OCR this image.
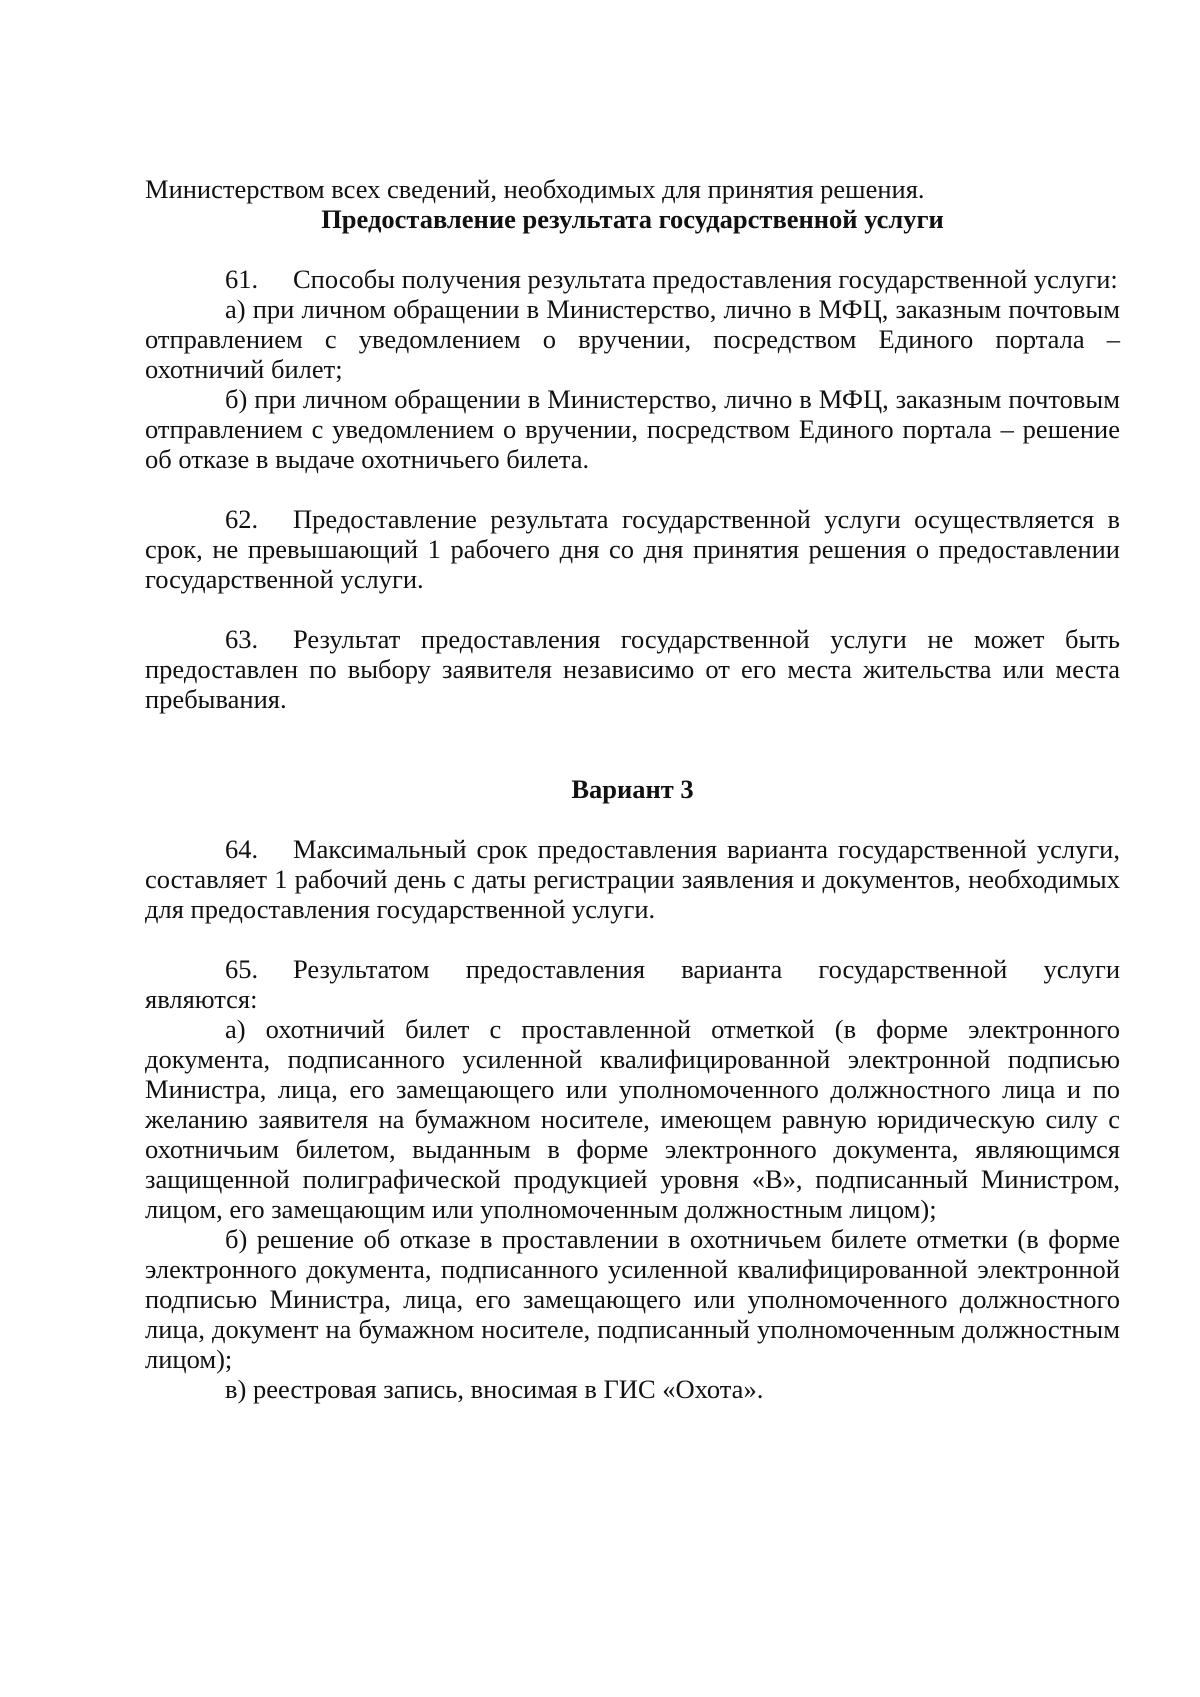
Министерством всех сведений, необходимых для принятия решения.

Предоставление результата государственной услуги

61. Способы получения результата предоставления государственной услуги:

а) при личном обращении в Министерство, лично в МФЦ, заказным почтовым отправлением с уведомлением о вручении, посредством Единого портала – охотничий билет;

б) при личном обращении в Министерство, лично в МФЦ, заказным почтовым отправлением с уведомлением о вручении, посредством Единого портала – решение об отказе в выдаче охотничьего билета.

62. Предоставление результата государственной услуги осуществляется в срок, не превышающий 1 рабочего дня со дня принятия решения о предоставлении государственной услуги.

63. Результат предоставления государственной услуги не может быть предоставлен по выбору заявителя независимо от его места жительства или места пребывания.

Вариант 3

64. Максимальный срок предоставления варианта государственной услуги, составляет 1 рабочий день с даты регистрации заявления и документов, необходимых для предоставления государственной услуги.

65. Результатом предоставления варианта государственной услуги являются:

а) охотничий билет с проставленной отметкой (в форме электронного документа, подписанного усиленной квалифицированной электронной подписью Министра, лица, его замещающего или уполномоченного должностного лица и по желанию заявителя на бумажном носителе, имеющем равную юридическую силу с охотничьим билетом, выданным в форме электронного документа, являющимся защищенной полиграфической продукцией уровня «В», подписанный Министром, лицом, его замещающим или уполномоченным должностным лицом);

б) решение об отказе в проставлении в охотничьем билете отметки (в форме электронного документа, подписанного усиленной квалифицированной электронной подписью Министра, лица, его замещающего или уполномоченного должностного лица, документ на бумажном носителе, подписанный уполномоченным должностным лицом);

в) реестровая запись, вносимая в ГИС «Охота».
